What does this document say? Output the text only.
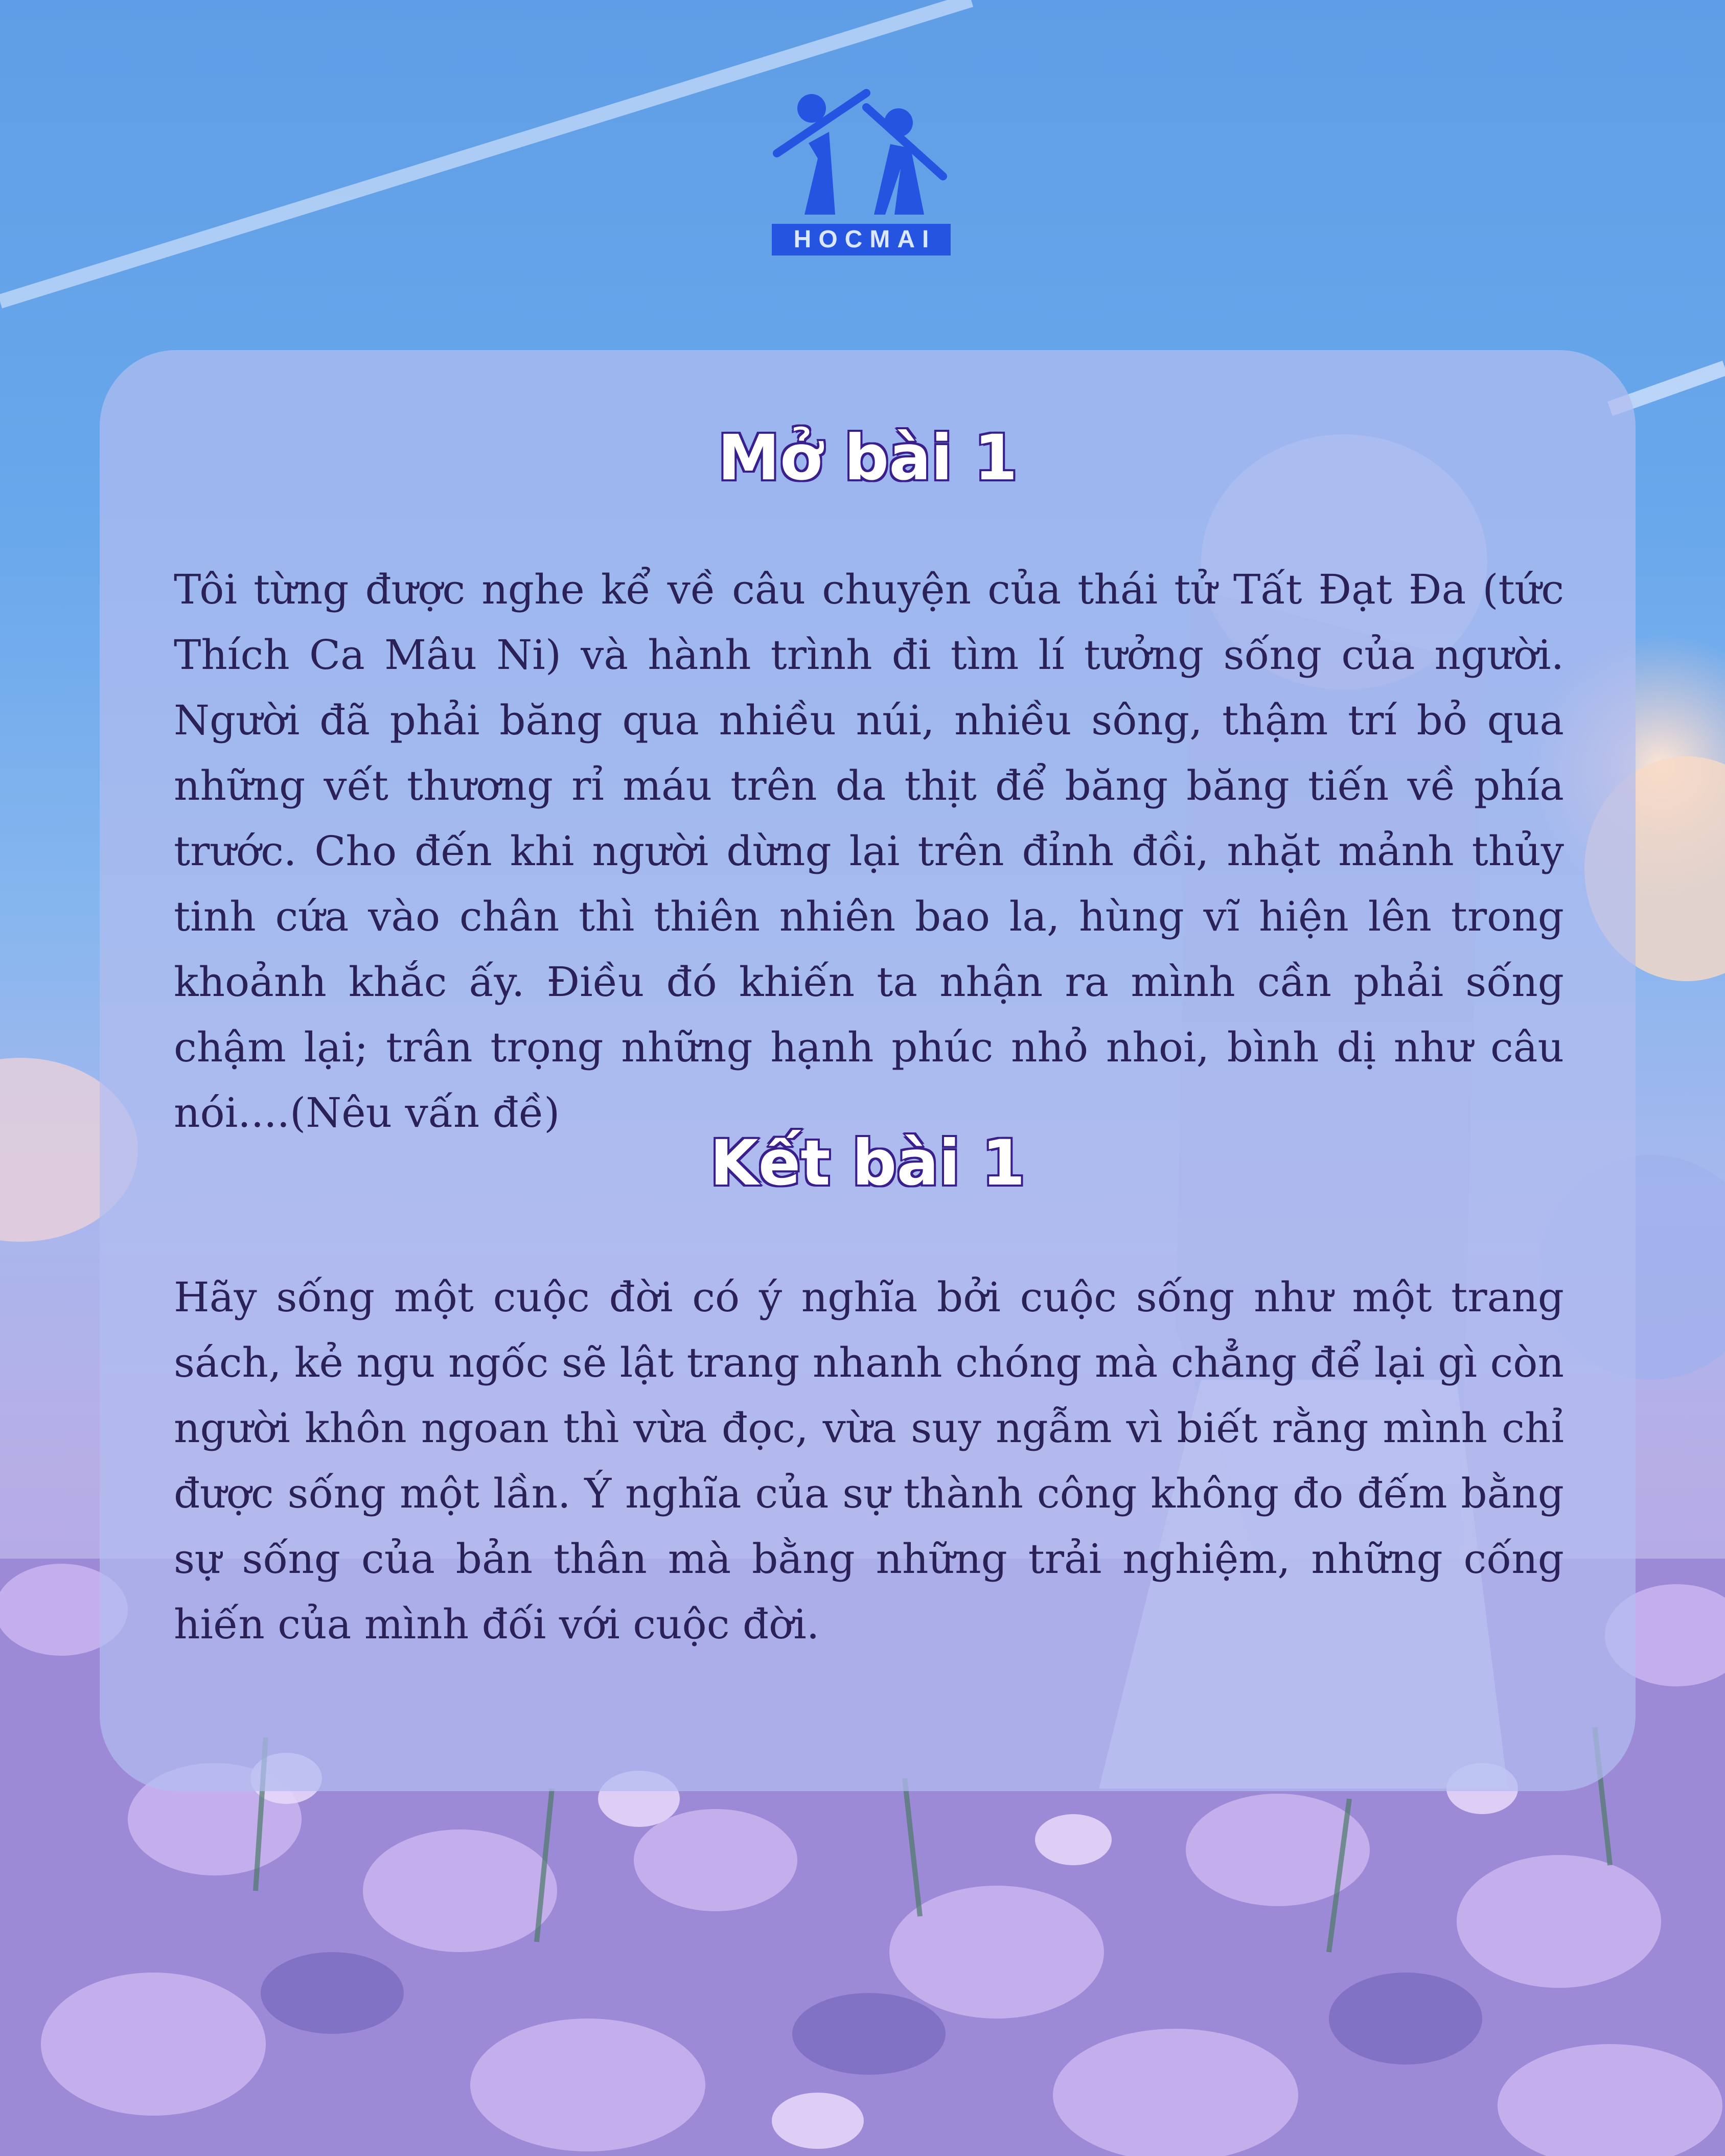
HOCMAI
Mở bài 1
Tôi từng được nghe kể về câu chuyện của thái tử Tất Đạt Đa (tức Thích Ca Mâu Ni) và hành trình đi tìm lí tưởng sống của người. Người đã phải băng qua nhiều núi, nhiều sông, thậm trí bỏ qua những vết thương rỉ máu trên da thịt để băng băng tiến về phía trước. Cho đến khi người dừng lại trên đỉnh đồi, nhặt mảnh thủy tinh cứa vào chân thì thiên nhiên bao la, hùng vĩ hiện lên trong khoảnh khắc ấy. Điều đó khiến ta nhận ra mình cần phải sống chậm lại; trân trọng những hạnh phúc nhỏ nhoi, bình dị như câu nói....(Nêu vấn đề)
Kết bài 1
Hãy sống một cuộc đời có ý nghĩa bởi cuộc sống như một trang sách, kẻ ngu ngốc sẽ lật trang nhanh chóng mà chẳng để lại gì còn người khôn ngoan thì vừa đọc, vừa suy ngẫm vì biết rằng mình chỉ được sống một lần. Ý nghĩa của sự thành công không đo đếm bằng sự sống của bản thân mà bằng những trải nghiệm, những cống hiến của mình đối với cuộc đời.
